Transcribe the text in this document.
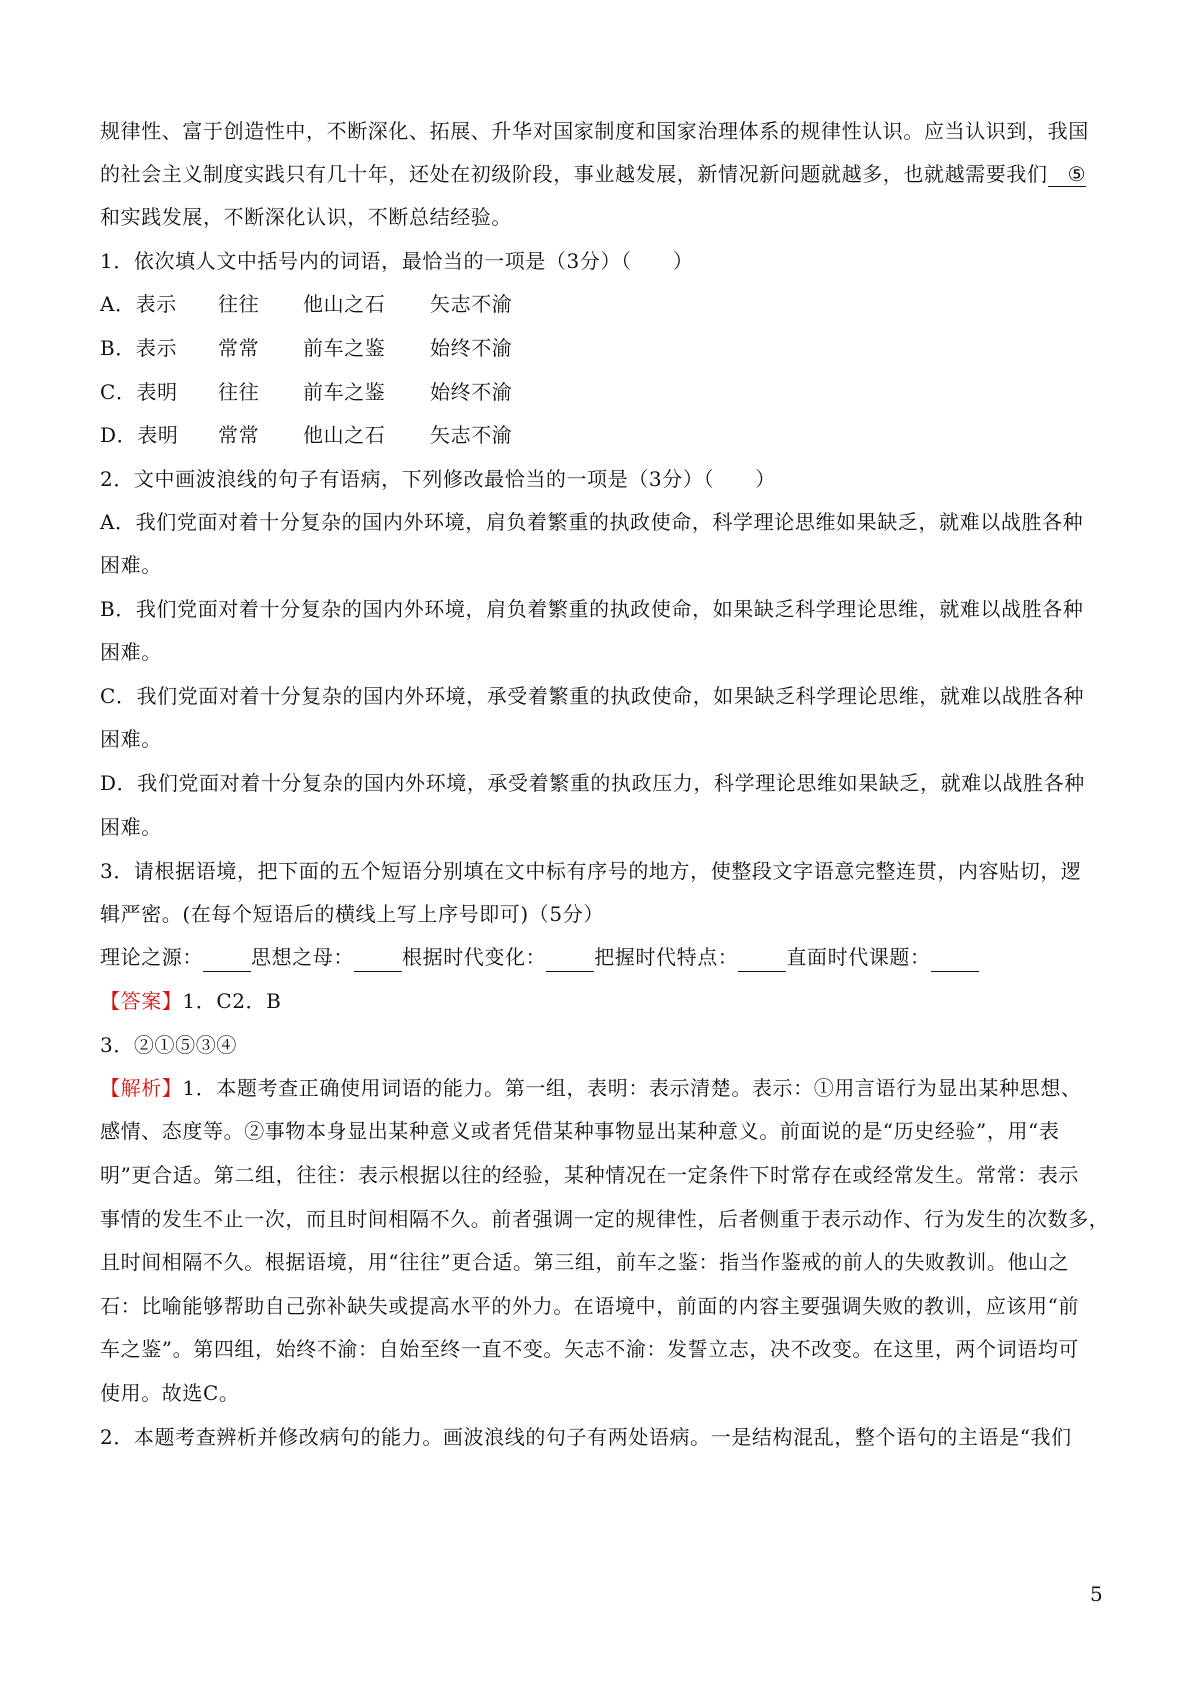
规律性、富于创造性中，不断深化、拓展、升华对国家制度和国家治理体系的规律性认识。应当认识到，我国
的社会主义制度实践只有几十年，还处在初级阶段，事业越发展，新情况新问题就越多，也就越需要我们 ⑤
和实践发展，不断深化认识，不断总结经验。
1．依次填人文中括号内的词语，最恰当的一项是（3分）（　　）
A．表示 往往 他山之石 矢志不渝
B．表示 常常 前车之鉴 始终不渝
C．表明 往往 前车之鉴 始终不渝
D．表明 常常 他山之石 矢志不渝
2．文中画波浪线的句子有语病，下列修改最恰当的一项是（3分）（　　）
A．我们党面对着十分复杂的国内外环境，肩负着繁重的执政使命，科学理论思维如果缺乏，就难以战胜各种
困难。
B．我们党面对着十分复杂的国内外环境，肩负着繁重的执政使命，如果缺乏科学理论思维，就难以战胜各种
困难。
C．我们党面对着十分复杂的国内外环境，承受着繁重的执政使命，如果缺乏科学理论思维，就难以战胜各种
困难。
D．我们党面对着十分复杂的国内外环境，承受着繁重的执政压力，科学理论思维如果缺乏，就难以战胜各种
困难。
3．请根据语境，把下面的五个短语分别填在文中标有序号的地方，使整段文字语意完整连贯，内容贴切，逻
辑严密。(在每个短语后的横线上写上序号即可)（5分）
理论之源： 思想之母： 根据时代变化： 把握时代特点： 直面时代课题：
【答案】1．C2．B
3．②①⑤③④
【解析】1．本题考查正确使用词语的能力。第一组，表明：表示清楚。表示：①用言语行为显出某种思想、
感情、态度等。②事物本身显出某种意义或者凭借某种事物显出某种意义。前面说的是“历史经验”，用“表
明”更合适。第二组，往往：表示根据以往的经验，某种情况在一定条件下时常存在或经常发生。常常：表示
事情的发生不止一次，而且时间相隔不久。前者强调一定的规律性，后者侧重于表示动作、行为发生的次数多，
且时间相隔不久。根据语境，用“往往”更合适。第三组，前车之鉴：指当作鉴戒的前人的失败教训。他山之
石：比喻能够帮助自己弥补缺失或提高水平的外力。在语境中，前面的内容主要强调失败的教训，应该用“前
车之鉴”。第四组，始终不渝：自始至终一直不变。矢志不渝：发誓立志，决不改变。在这里，两个词语均可
使用。故选C。
2．本题考查辨析并修改病句的能力。画波浪线的句子有两处语病。一是结构混乱，整个语句的主语是“我们
5
